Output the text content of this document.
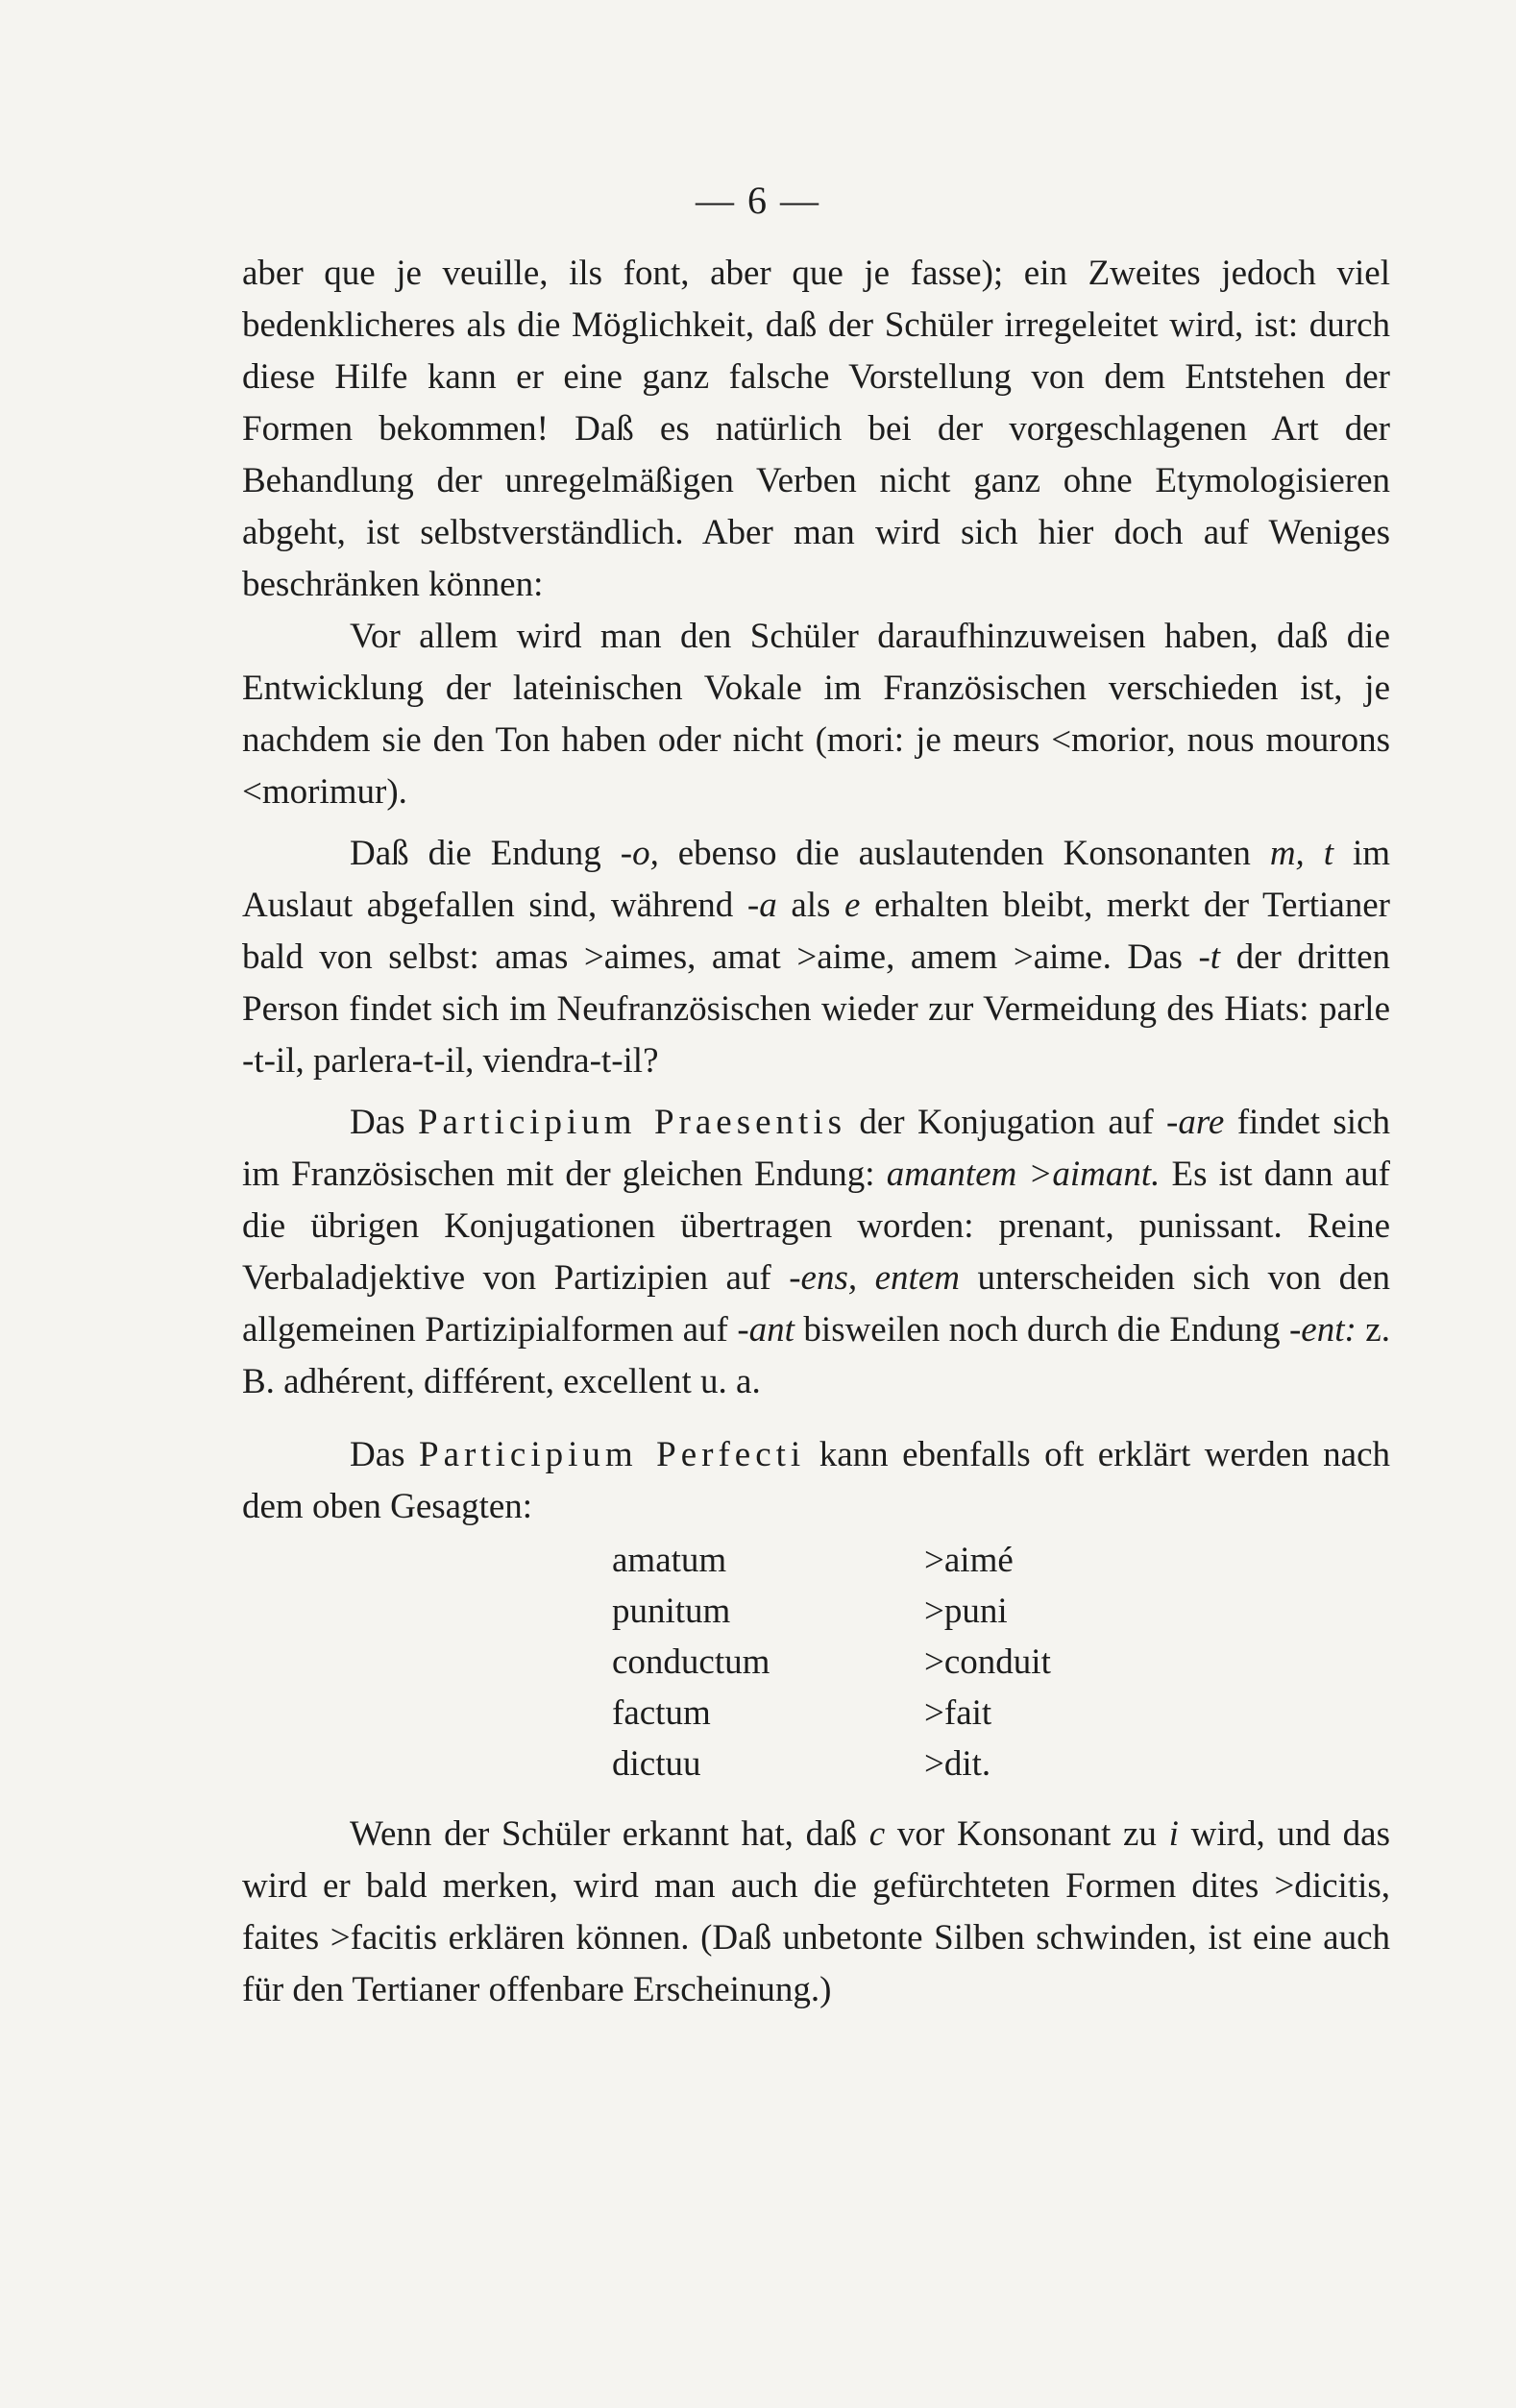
— 6 —

aber que je veuille, ils font, aber que je fasse); ein Zweites jedoch viel bedenklicheres als die Möglichkeit, daß der Schüler irregeleitet wird, ist: durch diese Hilfe kann er eine ganz falsche Vorstellung von dem Entstehen der Formen bekommen! Daß es natürlich bei der vorgeschlagenen Art der Behandlung der unregelmäßigen Verben nicht ganz ohne Etymologisieren abgeht, ist selbstverständlich. Aber man wird sich hier doch auf Weniges beschränken können:

Vor allem wird man den Schüler daraufhinzuweisen haben, daß die Entwicklung der lateinischen Vokale im Französischen verschieden ist, je nachdem sie den Ton haben oder nicht (mori: je meurs <morior, nous mourons <morimur).

Daß die Endung -o, ebenso die auslautenden Konsonanten m, t im Auslaut abgefallen sind, während -a als e erhalten bleibt, merkt der Tertianer bald von selbst: amas >aimes, amat >aime, amem >aime. Das -t der dritten Person findet sich im Neufranzösischen wieder zur Vermeidung des Hiats: parle -t-il, parlera-t-il, viendra-t-il?

Das Participium Praesentis der Konjugation auf -are findet sich im Französischen mit der gleichen Endung: amantem >aimant. Es ist dann auf die übrigen Konjugationen übertragen worden: prenant, punissant. Reine Verbaladjektive von Partizipien auf -ens, entem unterscheiden sich von den allgemeinen Partizipialformen auf -ant bisweilen noch durch die Endung -ent: z. B. adhérent, différent, excellent u. a.

Das Participium Perfecti kann ebenfalls oft erklärt werden nach dem oben Gesagten:

amatum	>aimé
punitum	>puni
conductum	>conduit
factum	>fait
dictuu	>dit.

Wenn der Schüler erkannt hat, daß c vor Konsonant zu i wird, und das wird er bald merken, wird man auch die gefürchteten Formen dites >dicitis, faites >facitis erklären können. (Daß unbetonte Silben schwinden, ist eine auch für den Tertianer offenbare Erscheinung.)
